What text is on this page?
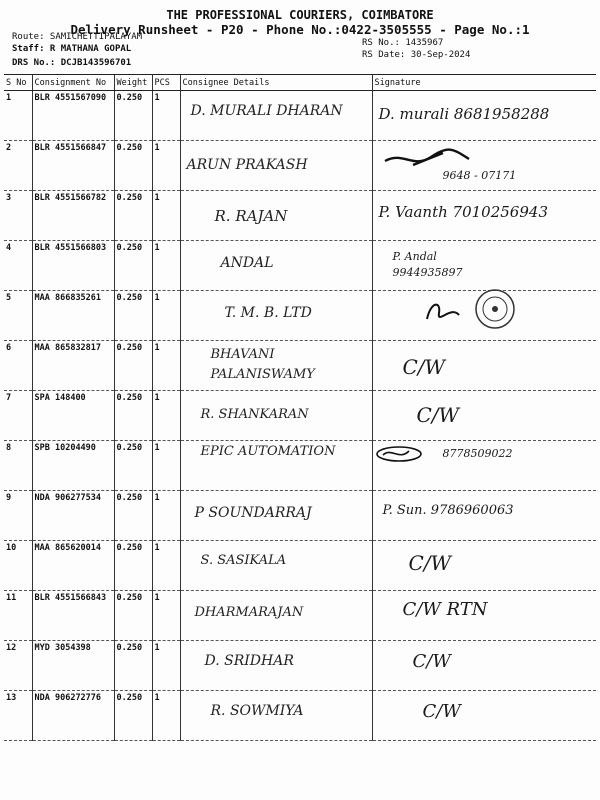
THE PROFESSIONAL COURIERS, COIMBATORE
Delivery Runsheet - P20 - Phone No.:0422-3505555 - Page No.:1
Route: SAMICHETTIPALAYAM
Staff: R MATHANA GOPAL
DRS No.: DCJB143596701
RS No.: 1435967
RS Date: 30-Sep-2024
S No	Consignment No	Weight	PCS	Consignee Details	Signature
1	BLR 4551567090	0.250	1	D. MURALI DHARAN	D. murali 8681958288

2	BLR 4551566847	0.250	1	ARUN PRAKASH	9648 - 07171

3	BLR 4551566782	0.250	1	R. RAJAN	P. Vaanth 7010256943

4	BLR 4551566803	0.250	1	ANDAL	P. Andal 9944935897

5	MAA 866835261	0.250	1	T. M. B. LTD

6	MAA 865832817	0.250	1	BHAVANI PALANISWAMY	C/W

7	SPA 148400	0.250	1	R. SHANKARAN	C/W

8	SPB 10204490	0.250	1	EPIC AUTOMATION	8778509022

9	NDA 906277534	0.250	1	P SOUNDARRAJ	P. Sun. 9786960063

10	MAA 865620014	0.250	1	S. SASIKALA	C/W

11	BLR 4551566843	0.250	1	DHARMARAJAN	C/W RTN

12	MYD 3054398	0.250	1	D. SRIDHAR	C/W

13	NDA 906272776	0.250	1	R. SOWMIYA	C/W
